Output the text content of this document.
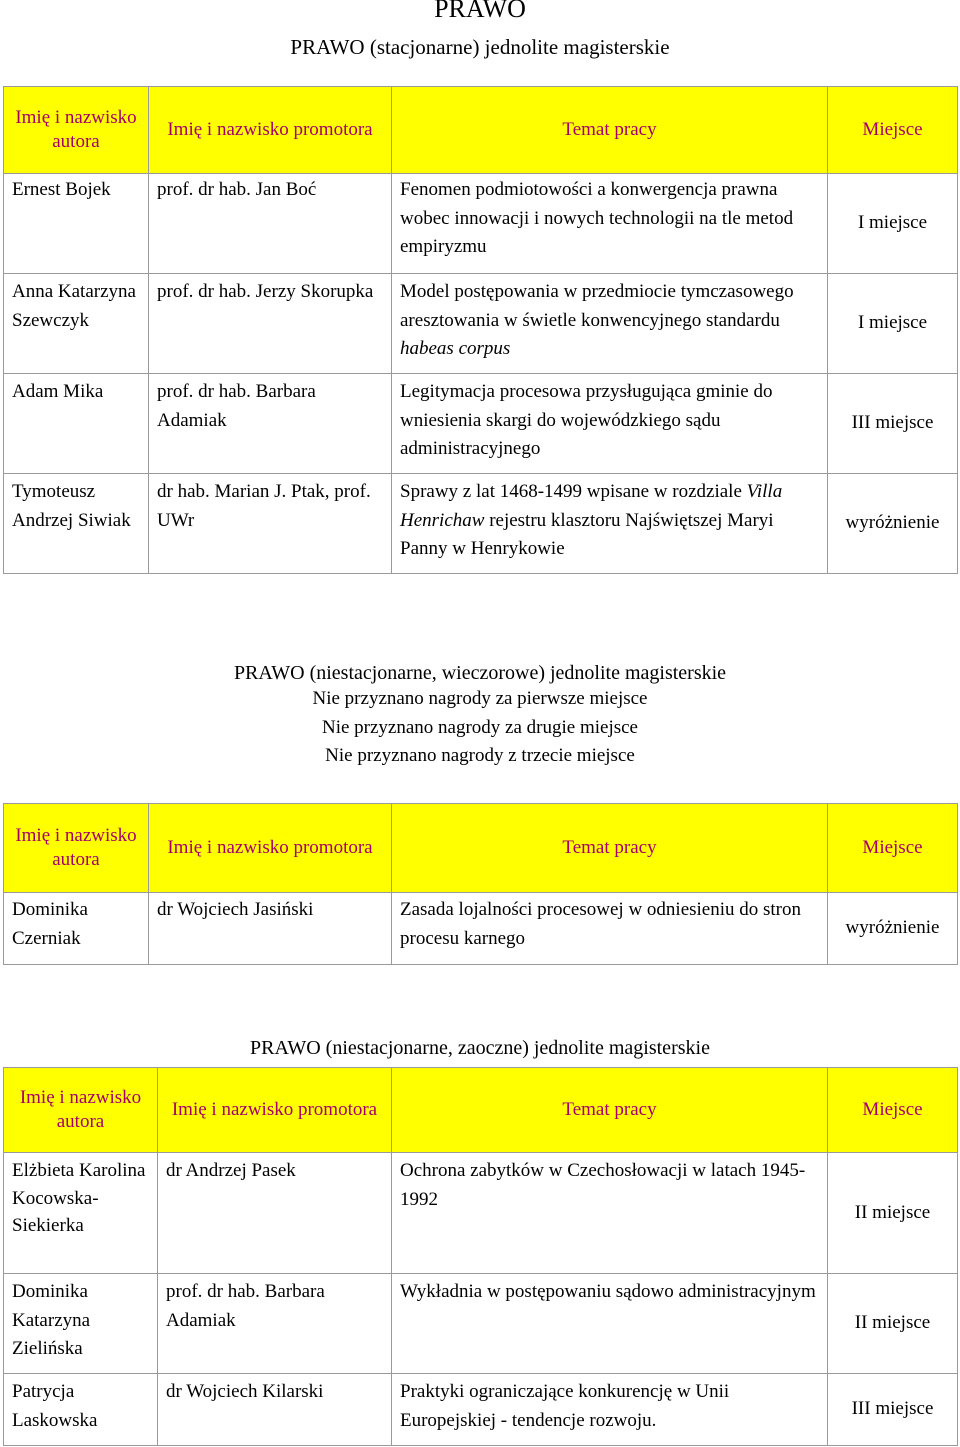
PRAWO
PRAWO (stacjonarne) jednolite magisterskie
Imię i nazwisko autora	Imię i nazwisko promotora	Temat pracy	Miejsce
Ernest Bojek	prof. dr hab. Jan Boć	Fenomen podmiotowości a konwergencja prawna wobec innowacji i nowych technologii na tle metod empiryzmu	I miejsce
Anna Katarzyna Szewczyk	prof. dr hab. Jerzy Skorupka	Model postępowania w przedmiocie tymczasowego aresztowania w świetle konwencyjnego standardu habeas corpus	I miejsce
Adam Mika	prof. dr hab. Barbara Adamiak	Legitymacja procesowa przysługująca gminie do wniesienia skargi do wojewódzkiego sądu administracyjnego	III miejsce
Tymoteusz Andrzej Siwiak	dr hab. Marian J. Ptak, prof. UWr	Sprawy z lat 1468-1499 wpisane w rozdziale Villa Henrichaw rejestru klasztoru Najświętszej Maryi Panny w Henrykowie	wyróżnienie
PRAWO (niestacjonarne, wieczorowe) jednolite magisterskie
Nie przyznano nagrody za pierwsze miejsce
Nie przyznano nagrody za drugie miejsce
Nie przyznano nagrody z trzecie miejsce
Imię i nazwisko autora	Imię i nazwisko promotora	Temat pracy	Miejsce
Dominika Czerniak	dr Wojciech Jasiński	Zasada lojalności procesowej w odniesieniu do stron procesu karnego	wyróżnienie
PRAWO (niestacjonarne, zaoczne) jednolite magisterskie
Imię i nazwisko autora	Imię i nazwisko promotora	Temat pracy	Miejsce
Elżbieta Karolina Kocowska-Siekierka	dr Andrzej Pasek	Ochrona zabytków w Czechosłowacji w latach 1945-1992	II miejsce
Dominika Katarzyna Zielińska	prof. dr hab. Barbara Adamiak	Wykładnia w postępowaniu sądowo administracyjnym	II miejsce
Patrycja Laskowska	dr Wojciech Kilarski	Praktyki ograniczające konkurencję w Unii Europejskiej - tendencje rozwoju.	III miejsce
